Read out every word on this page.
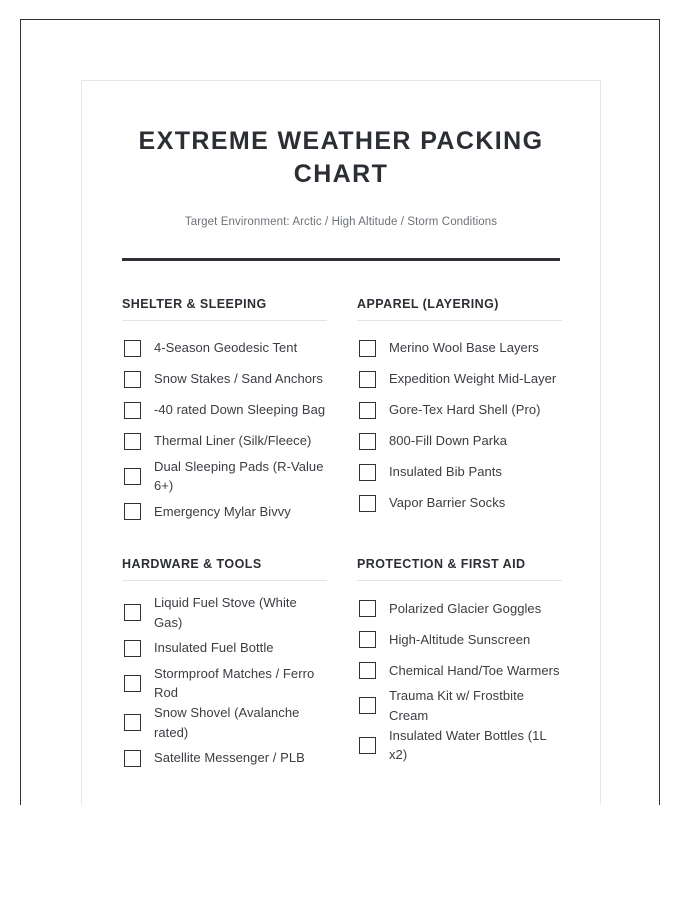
EXTREME WEATHER PACKING CHART

Target Environment: Arctic / High Altitude / Storm Conditions

SHELTER & SLEEPING
4-Season Geodesic Tent
Snow Stakes / Sand Anchors
-40 rated Down Sleeping Bag
Thermal Liner (Silk/Fleece)
Dual Sleeping Pads (R-Value 6+)
Emergency Mylar Bivvy
APPAREL (LAYERING)
Merino Wool Base Layers
Expedition Weight Mid-Layer
Gore-Tex Hard Shell (Pro)
800-Fill Down Parka
Insulated Bib Pants
Vapor Barrier Socks
HARDWARE & TOOLS
Liquid Fuel Stove (White Gas)
Insulated Fuel Bottle
Stormproof Matches / Ferro Rod
Snow Shovel (Avalanche rated)
Satellite Messenger / PLB
PROTECTION & FIRST AID
Polarized Glacier Goggles
High-Altitude Sunscreen
Chemical Hand/Toe Warmers
Trauma Kit w/ Frostbite Cream
Insulated Water Bottles (1L x2)
